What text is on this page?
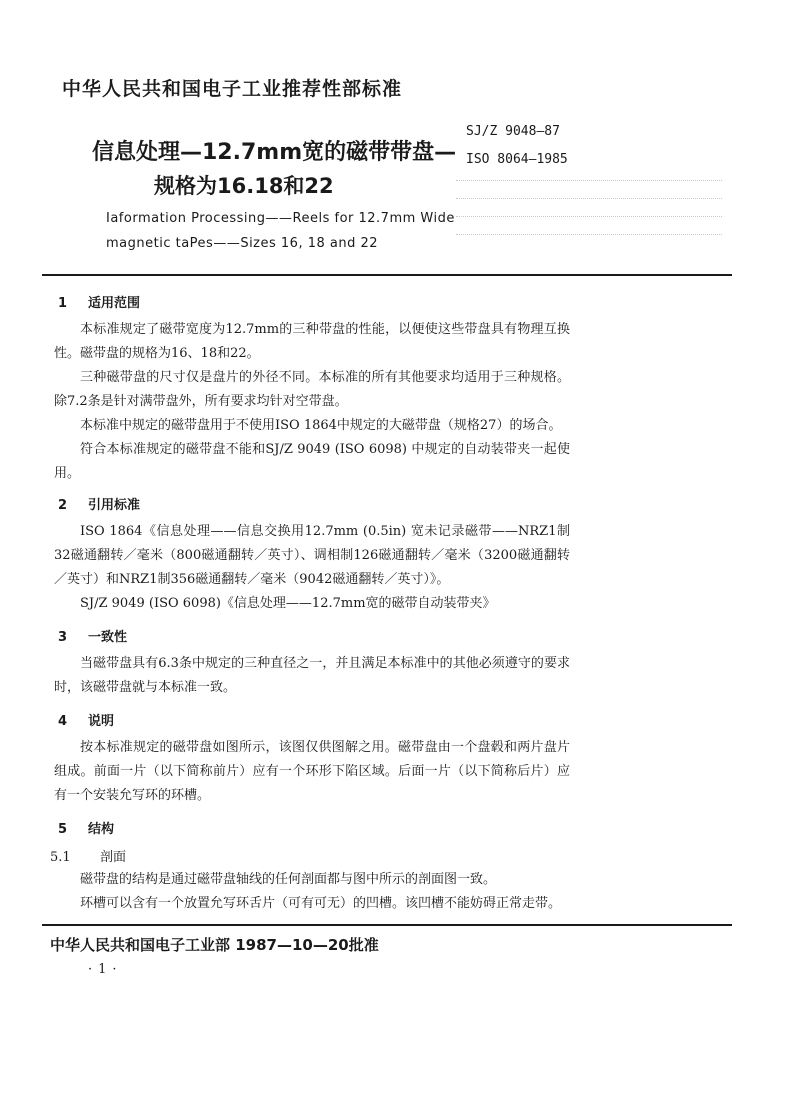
中华人民共和国电子工业推荐性部标准
SJ/Z 9048—87
ISO 8064—1985
信息处理—12.7mm宽的磁带带盘—
规格为16.18和22
Iaformation Processing——Reels for 12.7mm Wide
magnetic taPes——Sizes 16, 18 and 22
1 适用范围

本标准规定了磁带宽度为12.7mm的三种带盘的性能，以便使这些带盘具有物理互换性。磁带盘的规格为16、18和22。

三种磁带盘的尺寸仅是盘片的外径不同。本标准的所有其他要求均适用于三种规格。除7.2条是针对满带盘外，所有要求均针对空带盘。

本标准中规定的磁带盘用于不使用ISO 1864中规定的大磁带盘（规格27）的场合。

符合本标准规定的磁带盘不能和SJ/Z 9049 (ISO 6098) 中规定的自动装带夹一起使用。

2 引用标准

ISO 1864《信息处理——信息交换用12.7mm (0.5in) 宽未记录磁带——NRZ1制32磁通翻转／毫米（800磁通翻转／英寸）、调相制126磁通翻转／毫米（3200磁通翻转／英寸）和NRZ1制356磁通翻转／毫米（9042磁通翻转／英寸）》。

SJ/Z 9049 (ISO 6098)《信息处理——12.7mm宽的磁带自动装带夹》

3 一致性

当磁带盘具有6.3条中规定的三种直径之一，并且满足本标准中的其他必须遵守的要求时，该磁带盘就与本标准一致。

4 说明

按本标准规定的磁带盘如图所示，该图仅供图解之用。磁带盘由一个盘毂和两片盘片组成。前面一片（以下简称前片）应有一个环形下陷区域。后面一片（以下简称后片）应有一个安装允写环的环槽。

5 结构
5.1 剖面

磁带盘的结构是通过磁带盘轴线的任何剖面都与图中所示的剖面图一致。

环槽可以含有一个放置允写环舌片（可有可无）的凹槽。该凹槽不能妨碍正常走带。

中华人民共和国电子工业部 1987—10—20批准
·1·
